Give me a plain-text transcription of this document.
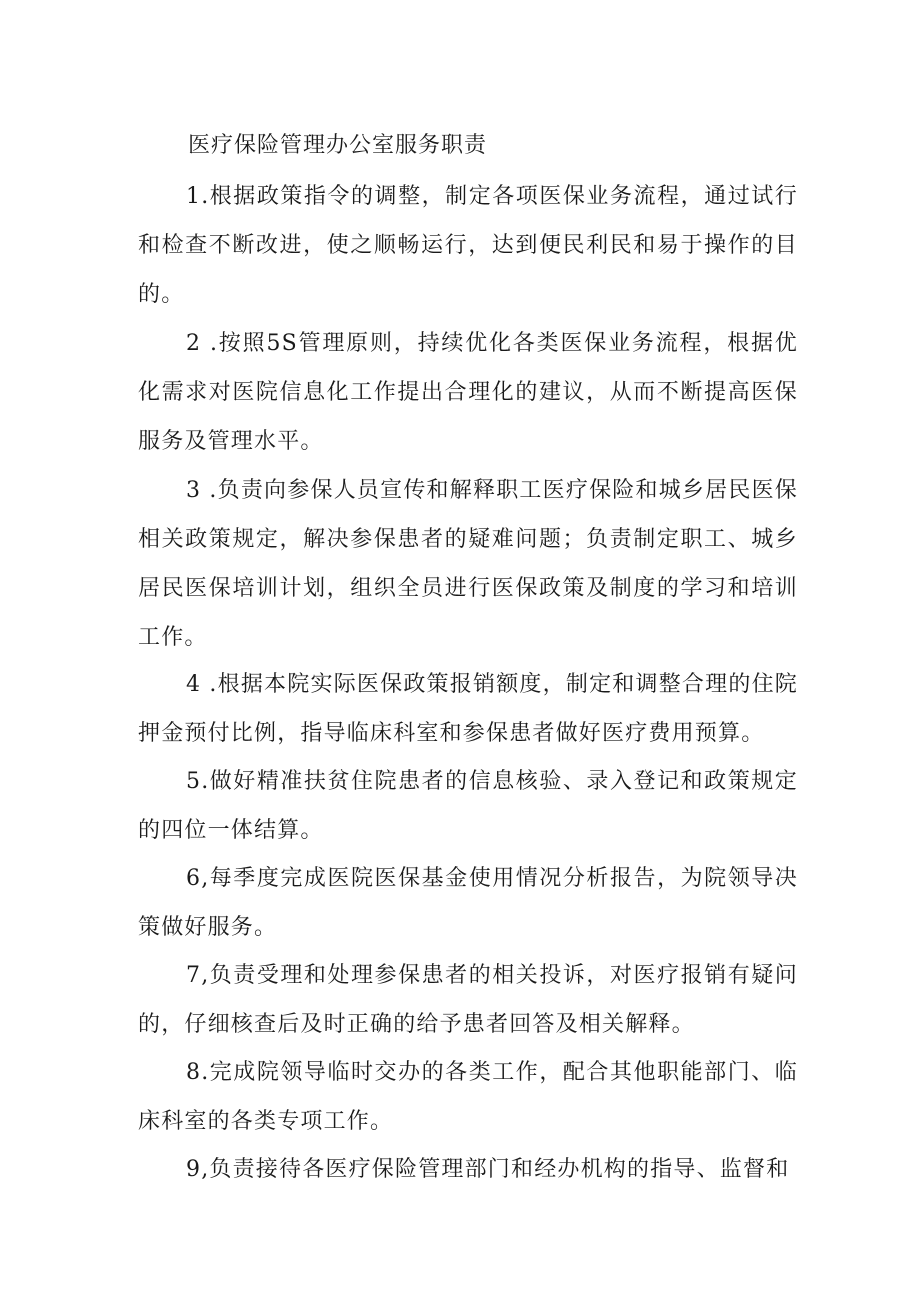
医疗保险管理办公室服务职责

1.根据政策指令的调整，制定各项医保业务流程，通过试行和检查不断改进，使之顺畅运行，达到便民利民和易于操作的目的。

2 .按照5S管理原则，持续优化各类医保业务流程，根据优化需求对医院信息化工作提出合理化的建议，从而不断提高医保服务及管理水平。

3 .负责向参保人员宣传和解释职工医疗保险和城乡居民医保相关政策规定，解决参保患者的疑难问题；负责制定职工、城乡居民医保培训计划，组织全员进行医保政策及制度的学习和培训工作。

4 .根据本院实际医保政策报销额度，制定和调整合理的住院押金预付比例，指导临床科室和参保患者做好医疗费用预算。

5.做好精准扶贫住院患者的信息核验、录入登记和政策规定的四位一体结算。

6,每季度完成医院医保基金使用情况分析报告，为院领导决策做好服务。

7,负责受理和处理参保患者的相关投诉，对医疗报销有疑问的，仔细核查后及时正确的给予患者回答及相关解释。

8.完成院领导临时交办的各类工作，配合其他职能部门、临床科室的各类专项工作。

9,负责接待各医疗保险管理部门和经办机构的指导、监督和
